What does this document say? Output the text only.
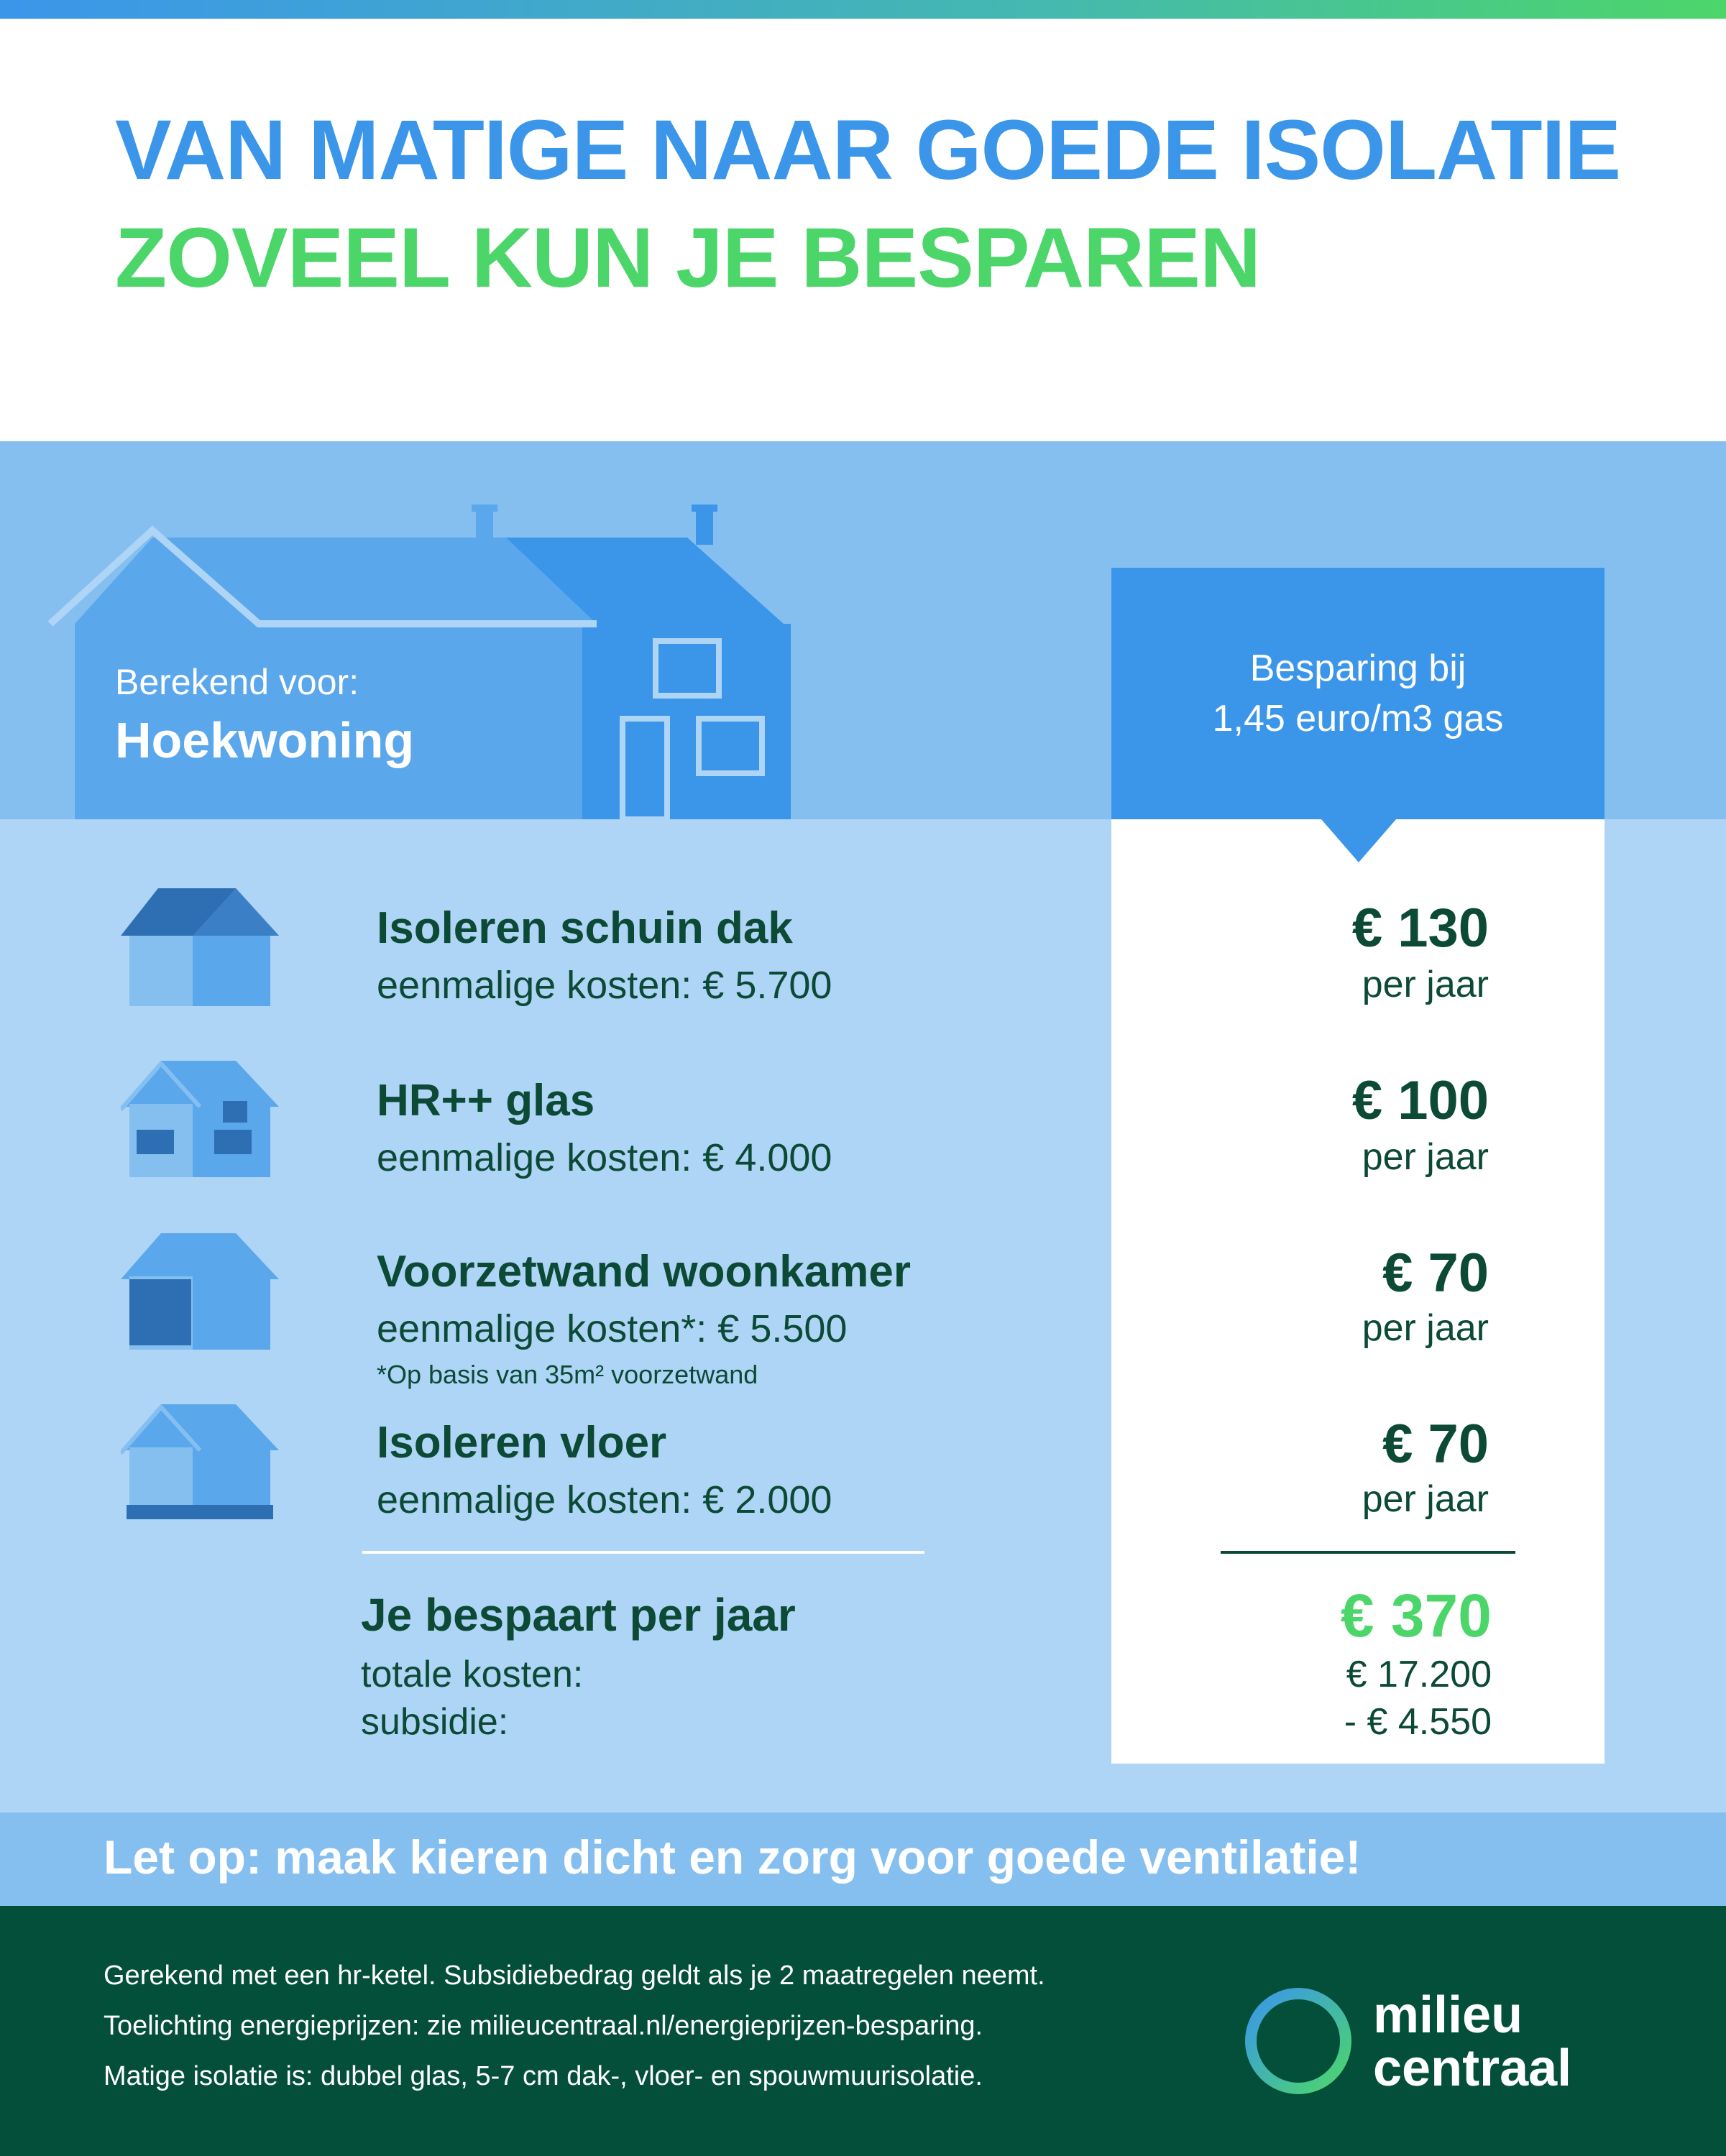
VAN MATIGE NAAR GOEDE ISOLATIE
ZOVEEL KUN JE BESPAREN
Berekend voor:
Hoekwoning
Besparing bij
1,45 euro/m3 gas
Isoleren schuin dak
eenmalige kosten: € 5.700
€ 130
per jaar
HR++ glas
eenmalige kosten: € 4.000
€ 100
per jaar
Voorzetwand woonkamer
eenmalige kosten*: € 5.500
*Op basis van 35m² voorzetwand
€ 70
per jaar
Isoleren vloer
eenmalige kosten: € 2.000
€ 70
per jaar
Je bespaart per jaar
totale kosten:
subsidie:
€ 370
€ 17.200
- € 4.550
Let op: maak kieren dicht en zorg voor goede ventilatie!
Gerekend met een hr-ketel. Subsidiebedrag geldt als je 2 maatregelen neemt.
Toelichting energieprijzen: zie milieucentraal.nl/energieprijzen-besparing.
Matige isolatie is: dubbel glas, 5-7 cm dak-, vloer- en spouwmuurisolatie.
milieu
centraal
